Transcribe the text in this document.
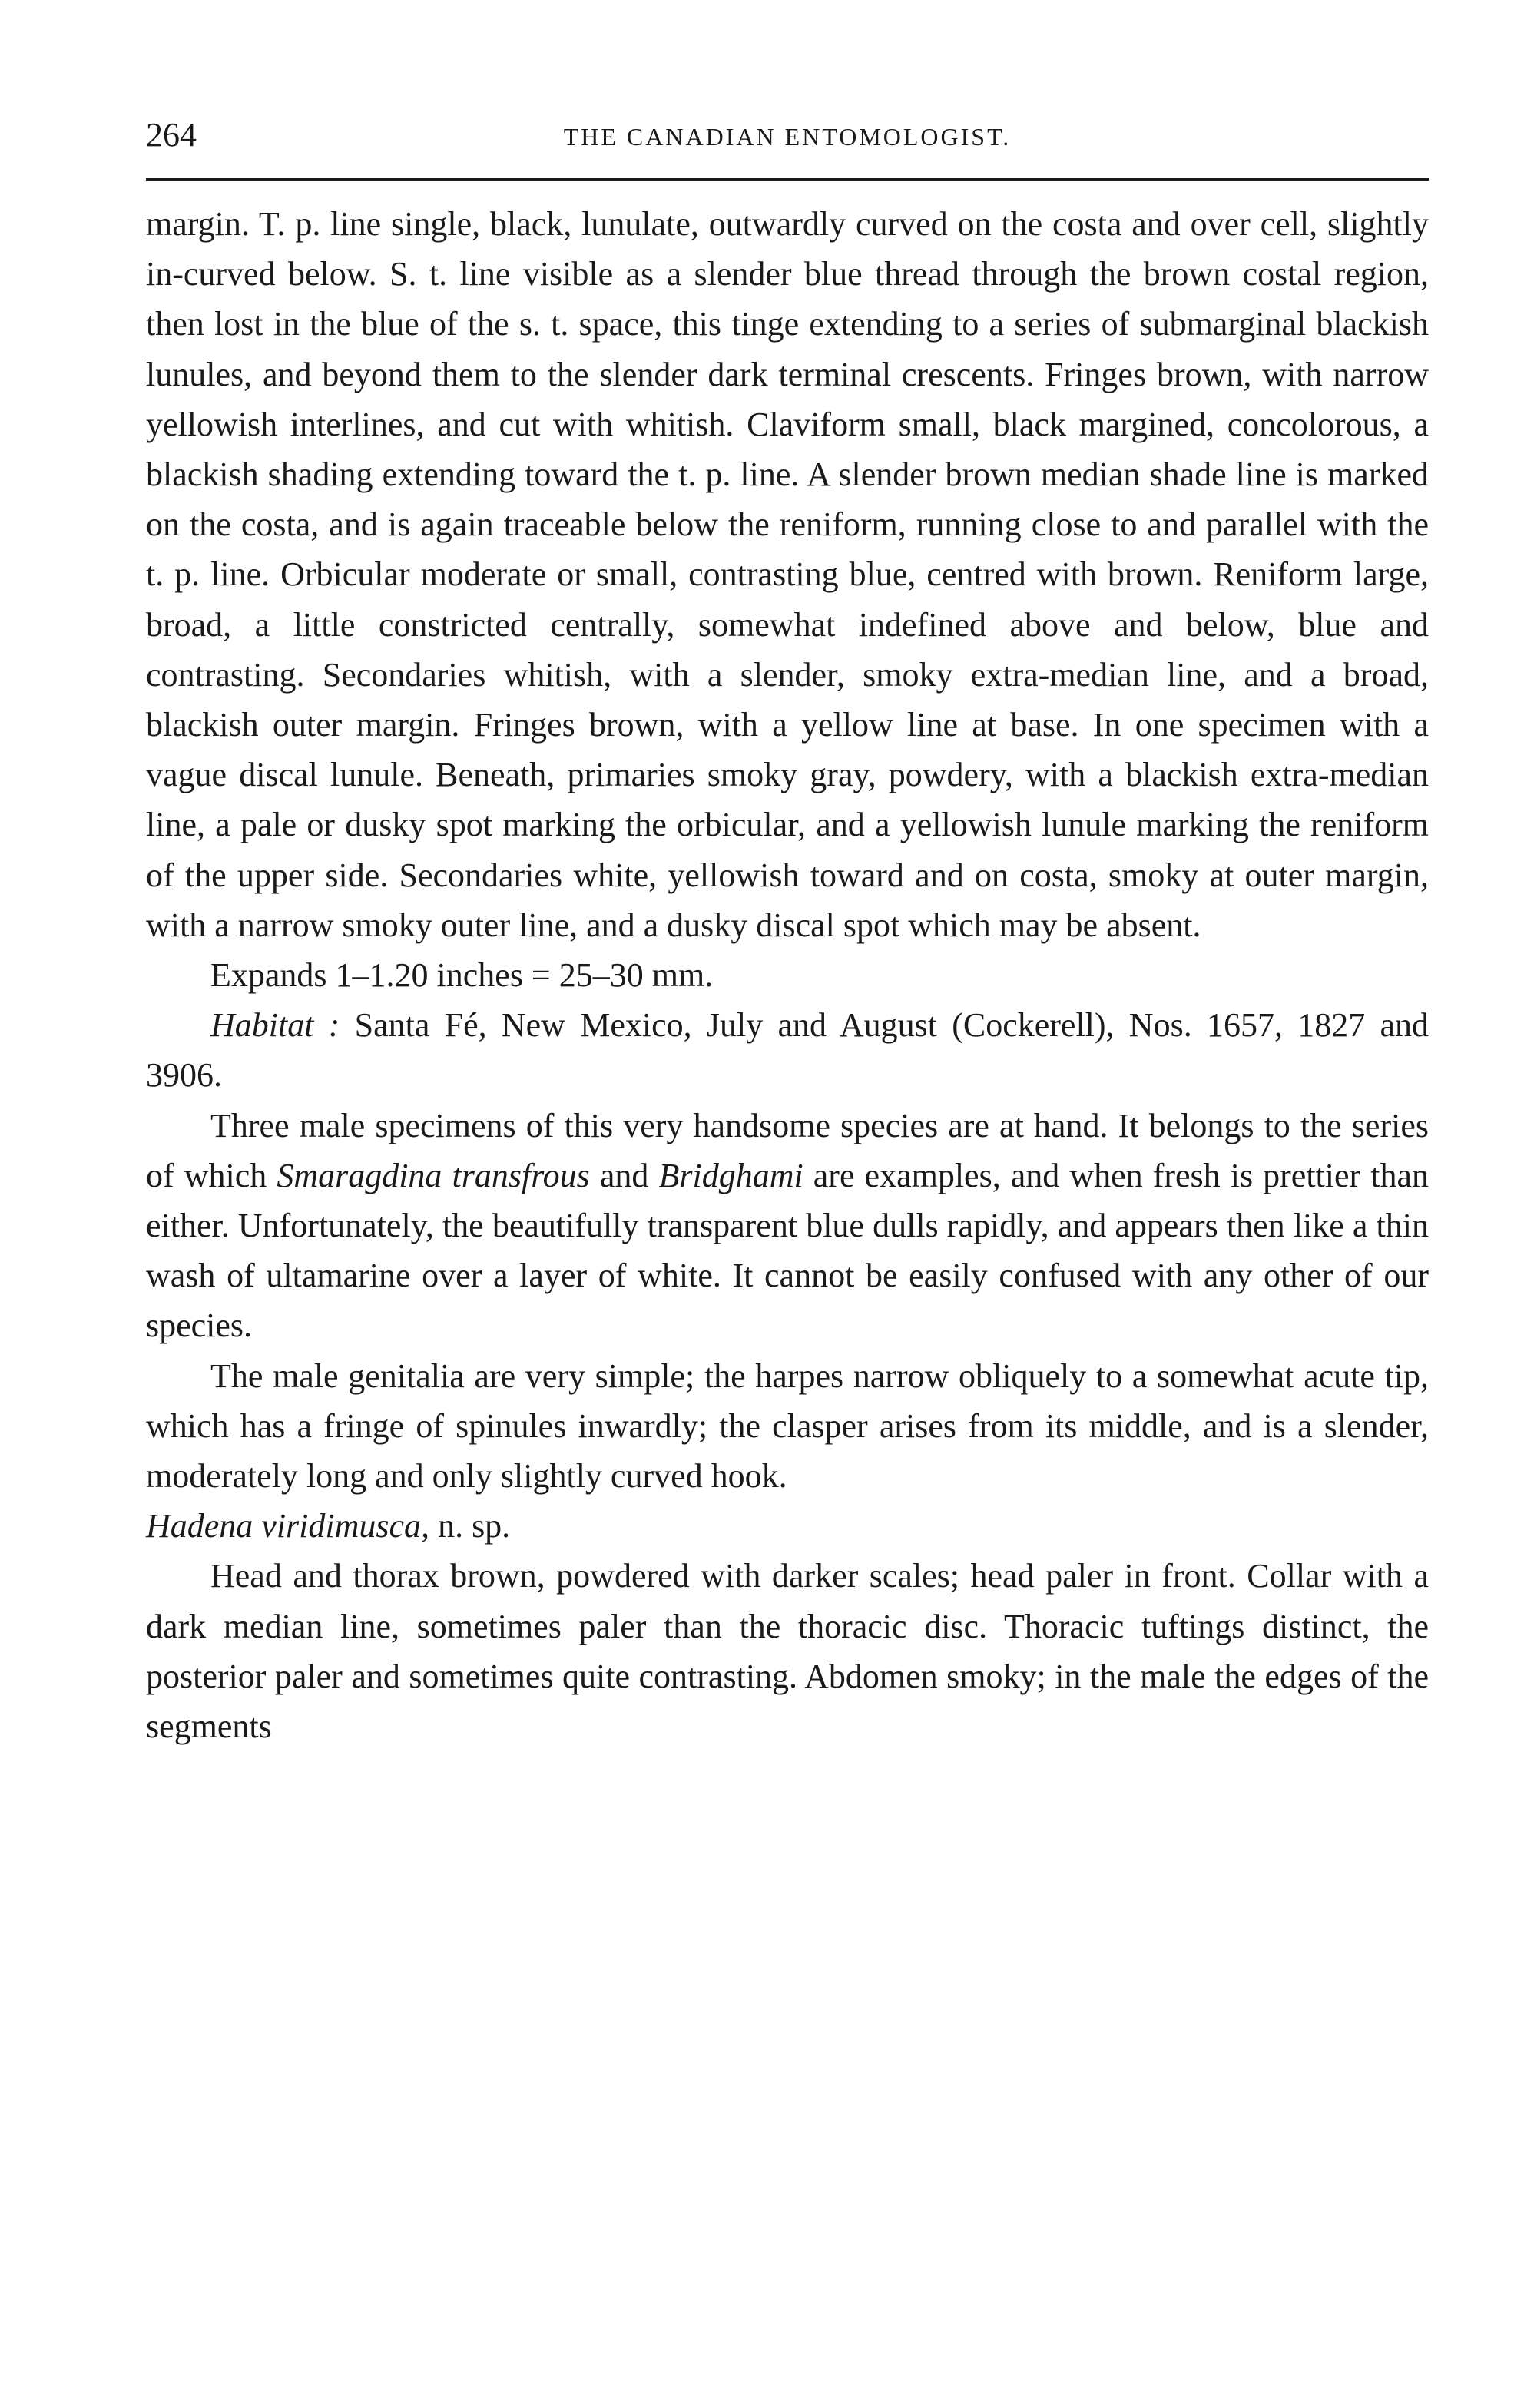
264	THE CANADIAN ENTOMOLOGIST.

margin. T. p. line single, black, lunulate, outwardly curved on the costa and over cell, slightly in-curved below. S. t. line visible as a slender blue thread through the brown costal region, then lost in the blue of the s. t. space, this tinge extending to a series of submarginal blackish lunules, and beyond them to the slender dark terminal crescents. Fringes brown, with narrow yellowish interlines, and cut with whitish. Claviform small, black margined, concolorous, a blackish shading extending toward the t. p. line. A slender brown median shade line is marked on the costa, and is again traceable below the reniform, running close to and parallel with the t. p. line. Orbicular moderate or small, contrasting blue, centred with brown. Reniform large, broad, a little constricted centrally, somewhat indefined above and below, blue and contrasting. Secondaries whitish, with a slender, smoky extra-median line, and a broad, blackish outer margin. Fringes brown, with a yellow line at base. In one specimen with a vague discal lunule. Beneath, primaries smoky gray, powdery, with a blackish extra-median line, a pale or dusky spot marking the orbicular, and a yellowish lunule marking the reniform of the upper side. Secondaries white, yellowish toward and on costa, smoky at outer margin, with a narrow smoky outer line, and a dusky discal spot which may be absent.

Expands 1–1.20 inches = 25–30 mm.

Habitat : Santa Fé, New Mexico, July and August (Cockerell), Nos. 1657, 1827 and 3906.

Three male specimens of this very handsome species are at hand. It belongs to the series of which Smaragdina transfrous and Bridghami are examples, and when fresh is prettier than either. Unfortunately, the beautifully transparent blue dulls rapidly, and appears then like a thin wash of ultamarine over a layer of white. It cannot be easily confused with any other of our species.

The male genitalia are very simple; the harpes narrow obliquely to a somewhat acute tip, which has a fringe of spinules inwardly; the clasper arises from its middle, and is a slender, moderately long and only slightly curved hook.

Hadena viridimusca, n. sp.

Head and thorax brown, powdered with darker scales; head paler in front. Collar with a dark median line, sometimes paler than the thoracic disc. Thoracic tuftings distinct, the posterior paler and sometimes quite contrasting. Abdomen smoky; in the male the edges of the segments
